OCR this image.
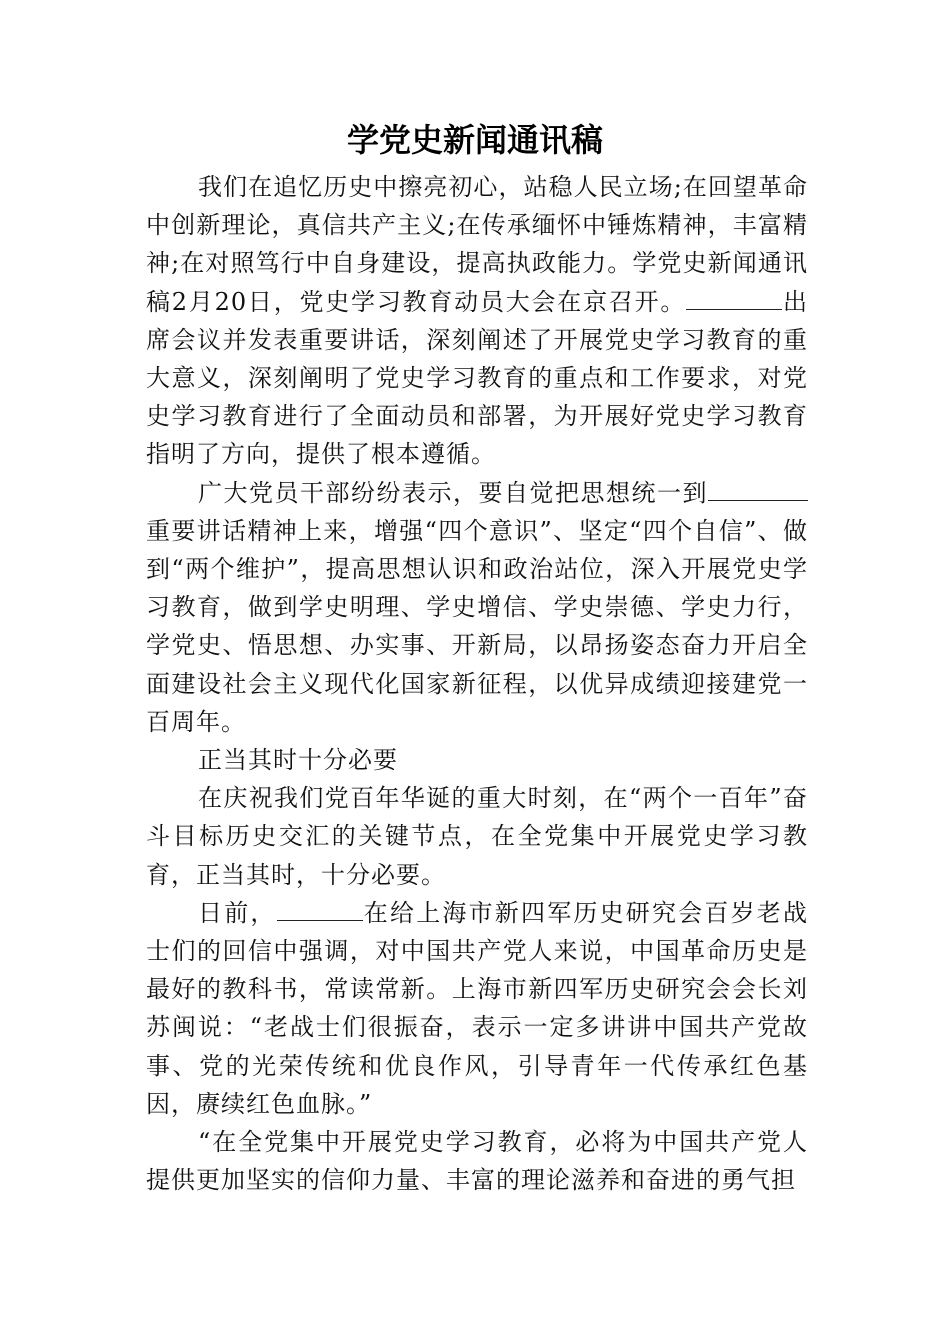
学党史新闻通讯稿

我们在追忆历史中擦亮初心，站稳人民立场;在回望革命中创新理论，真信共产主义;在传承缅怀中锤炼精神，丰富精神;在对照笃行中自身建设，提高执政能力。学党史新闻通讯稿2月20日，党史学习教育动员大会在京召开。	出席会议并发表重要讲话，深刻阐述了开展党史学习教育的重大意义，深刻阐明了党史学习教育的重点和工作要求，对党史学习教育进行了全面动员和部署，为开展好党史学习教育指明了方向，提供了根本遵循。

广大党员干部纷纷表示，要自觉把思想统一到重要讲话精神上来，增强“四个意识”、坚定“四个自信”、做到“两个维护”，提高思想认识和政治站位，深入开展党史学习教育，做到学史明理、学史增信、学史崇德、学史力行，学党史、悟思想、办实事、开新局，以昂扬姿态奋力开启全面建设社会主义现代化国家新征程，以优异成绩迎接建党一百周年。

正当其时十分必要

在庆祝我们党百年华诞的重大时刻，在“两个一百年”奋斗目标历史交汇的关键节点，在全党集中开展党史学习教育，正当其时，十分必要。

日前，	在给上海市新四军历史研究会百岁老战士们的回信中强调，对中国共产党人来说，中国革命历史是最好的教科书，常读常新。上海市新四军历史研究会会长刘苏闽说：“老战士们很振奋，表示一定多讲讲中国共产党故事、党的光荣传统和优良作风，引导青年一代传承红色基因，赓续红色血脉。”

“在全党集中开展党史学习教育，必将为中国共产党人提供更加坚实的信仰力量、丰富的理论滋养和奋进的勇气担
